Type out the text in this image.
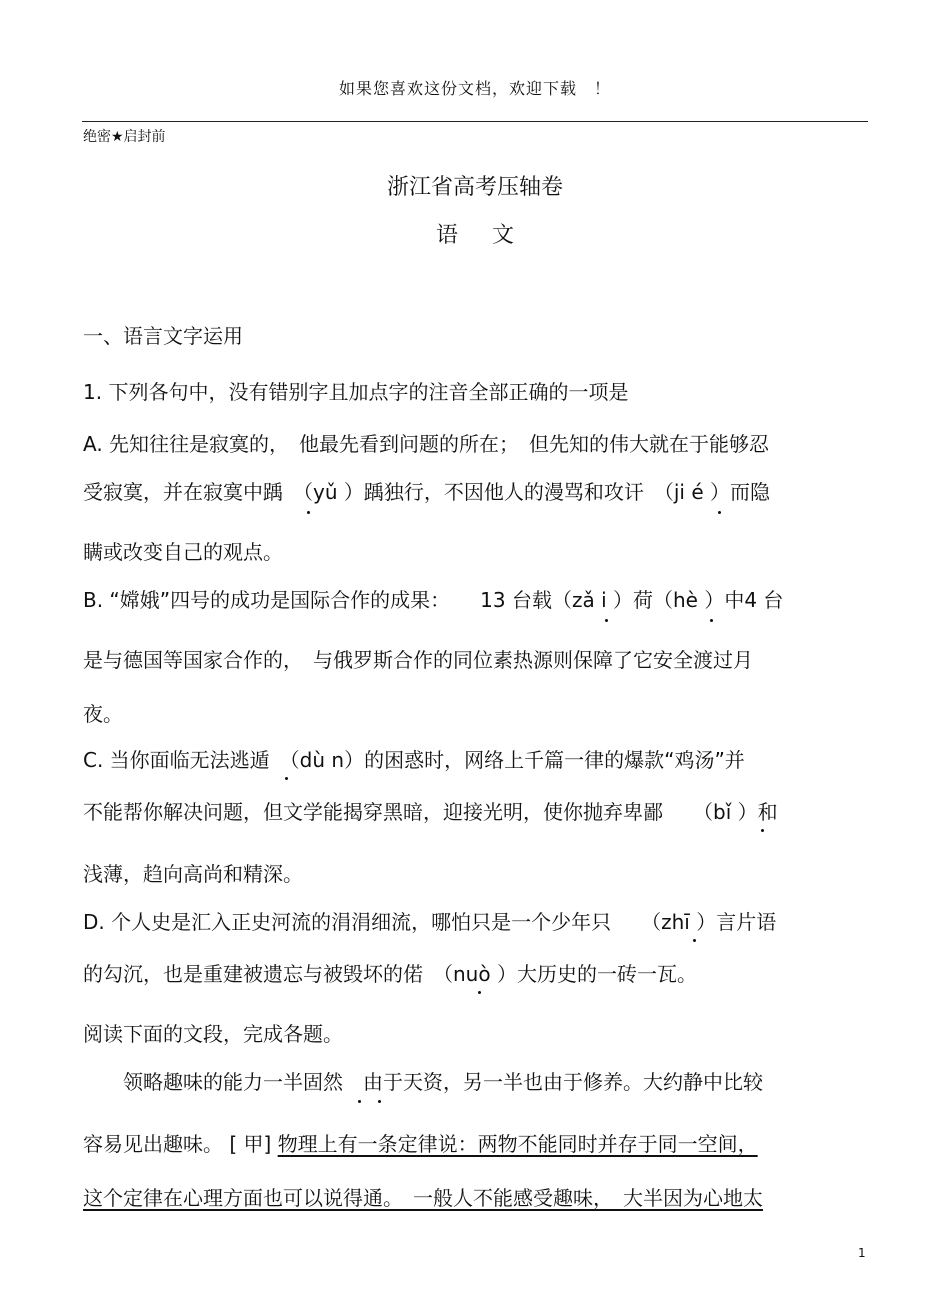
如果您喜欢这份文档，欢迎下载　！
绝密★启封前
浙江省高考压轴卷
语文
一、语言文字运用
1. 下列各句中，没有错别字且加点字的注音全部正确的一项是
A. 先知往往是寂寞的，　他最先看到问题的所在；　但先知的伟大就在于能够忍
受寂寞，并在寂寞中踽　（yǔ ）踽独行，不因他人的漫骂和攻讦　（ji é ）而隐
瞒或改变自己的观点。
B. “嫦娥”四号的成功是国际合作的成果：　　13 台载（zǎ i ）荷（hè ）中4 台
是与德国等国家合作的，　与俄罗斯合作的同位素热源则保障了它安全渡过月
夜。
C. 当你面临无法逃遁　（dù n）的困惑时，网络上千篇一律的爆款“鸡汤”并
不能帮你解决问题，但文学能揭穿黑暗，迎接光明，使你抛弃卑鄙　　（bǐ ）和
浅薄，趋向高尚和精深。
D. 个人史是汇入正史河流的涓涓细流，哪怕只是一个少年只　　（zhī ）言片语
的勾沉，也是重建被遗忘与被毁坏的偌　（nuò ）大历史的一砖一瓦。
阅读下面的文段，完成各题。
　　领略趣味的能力一半固然　由于天资，另一半也由于修养。大约静中比较
容易见出趣味。 [ 甲] 物理上有一条定律说：两物不能同时并存于同一空间，
这个定律在心理方面也可以说得通。　一般人不能感受趣味，　大半因为心地太
1
